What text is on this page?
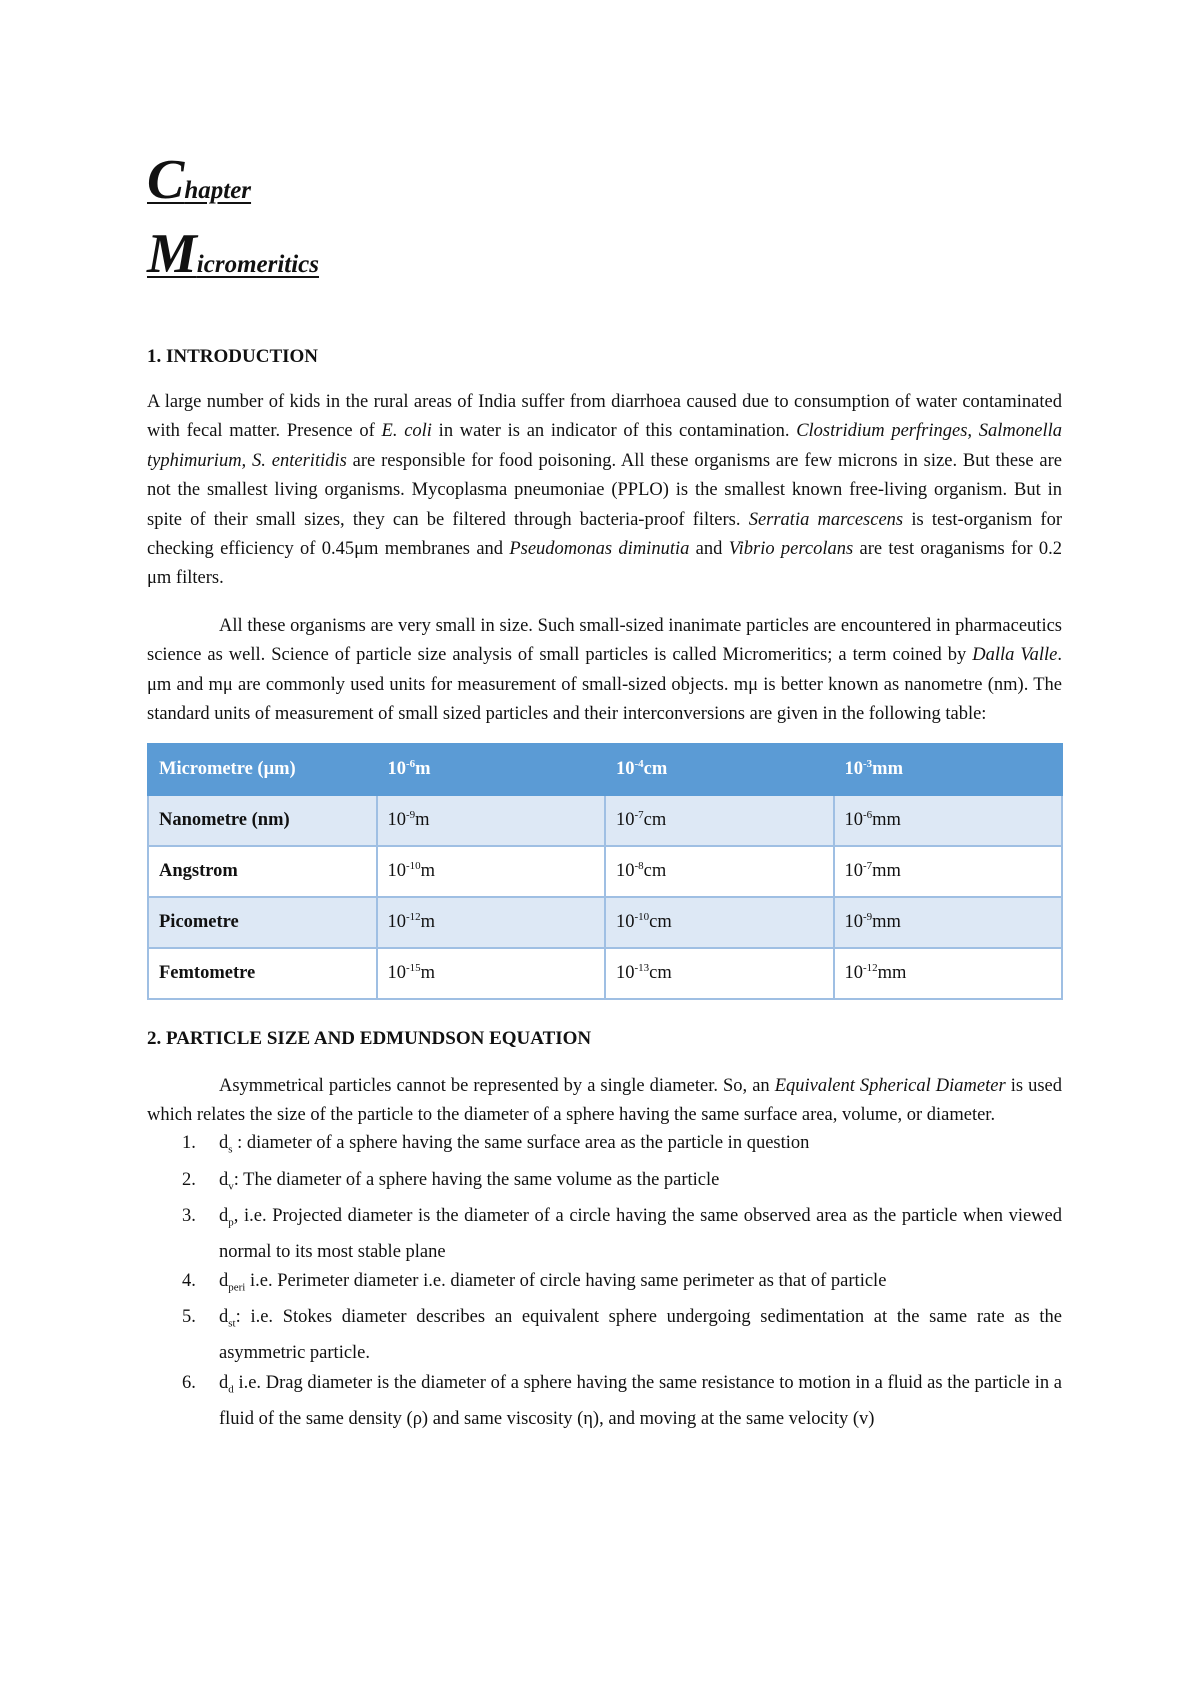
Chapter
Micromeritics
1. INTRODUCTION

A large number of kids in the rural areas of India suffer from diarrhoea caused due to consumption of water contaminated with fecal matter. Presence of E. coli in water is an indicator of this contamination. Clostridium perfringes, Salmonella typhimurium, S. enteritidis are responsible for food poisoning. All these organisms are few microns in size. But these are not the smallest living organisms. Mycoplasma pneumoniae (PPLO) is the smallest known free-living organism. But in spite of their small sizes, they can be filtered through bacteria-proof filters. Serratia marcescens is test-organism for checking efficiency of 0.45μm membranes and Pseudomonas diminutia and Vibrio percolans are test oraganisms for 0.2 μm filters.

All these organisms are very small in size. Such small-sized inanimate particles are encountered in pharmaceutics science as well. Science of particle size analysis of small particles is called Micromeritics; a term coined by Dalla Valle. μm and mμ are commonly used units for measurement of small-sized objects. mμ is better known as nanometre (nm). The standard units of measurement of small sized particles and their interconversions are given in the following table:

Micrometre (μm)	$10^{-6}m$	$10^{-4}cm$	$10^{-3}mm$
Nanometre (nm)	$10^{-9}m$	$10^{-7}cm$	$10^{-6}mm$
Angstrom	$10^{-10}m$	$10^{-8}cm$	$10^{-7}mm$
Picometre	$10^{-12}m$	$10^{-10}cm$	$10^{-9}mm$
Femtometre	$10^{-15}m$	$10^{-13}cm$	$10^{-12}mm$
2. PARTICLE SIZE AND EDMUNDSON EQUATION

Asymmetrical particles cannot be represented by a single diameter. So, an Equivalent Spherical Diameter is used which relates the size of the particle to the diameter of a sphere having the same surface area, volume, or diameter.

1. $d_s$ : diameter of a sphere having the same surface area as the particle in question
2. $d_v$: The diameter of a sphere having the same volume as the particle
3. $d_p$, i.e. Projected diameter is the diameter of a circle having the same observed area as the particle when viewed normal to its most stable plane
4. $d_{peri}$ i.e. Perimeter diameter i.e. diameter of circle having same perimeter as that of particle
5. $d_{st}$: i.e. Stokes diameter describes an equivalent sphere undergoing sedimentation at the same rate as the asymmetric particle.
6. $d_d$ i.e. Drag diameter is the diameter of a sphere having the same resistance to motion in a fluid as the particle in a fluid of the same density (ρ) and same viscosity (η), and moving at the same velocity (v)
